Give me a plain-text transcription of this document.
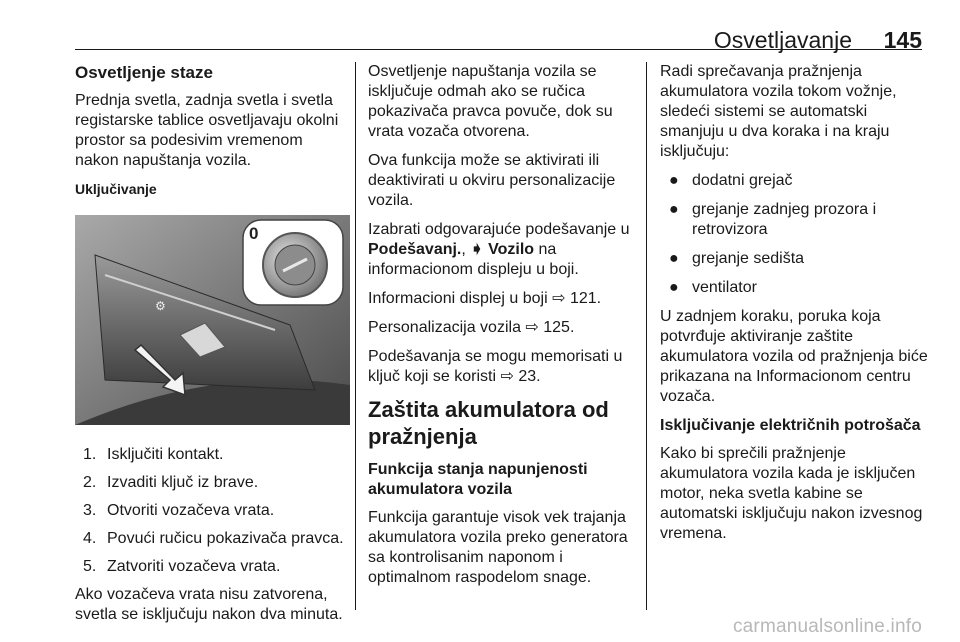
Osvetljavanje 145
Osvetljenje staze

Prednja svetla, zadnja svetla i svetla registarske tablice osvetljavaju okolni prostor sa podesivim vremenom nakon napuštanja vozila.

Uključivanje
⚙
0
1. Isključiti kontakt.
2. Izvaditi ključ iz brave.
3. Otvoriti vozačeva vrata.
4. Povući ručicu pokazivača pravca.
5. Zatvoriti vozačeva vrata.

Ako vozačeva vrata nisu zatvorena, svetla se isključuju nakon dva minuta.

Osvetljenje napuštanja vozila se isključuje odmah ako se ručica pokazivača pravca povuče, dok su vrata vozača otvorena.

Ova funkcija može se aktivirati ili deaktivirati u okviru personalizacije vozila.

Izabrati odgovarajuće podešavanje u Podešavanj., ➧ Vozilo na informacionom displeju u boji.

Informacioni displej u boji ⇨ 121.

Personalizacija vozila ⇨ 125.

Podešavanja se mogu memorisati u ključ koji se koristi ⇨ 23.

Zaštita akumulatora od pražnjenja
Funkcija stanja napunjenosti akumulatora vozila

Funkcija garantuje visok vek trajanja akumulatora vozila preko generatora sa kontrolisanim naponom i optimalnom raspodelom snage.

Radi sprečavanja pražnjenja akumulatora vozila tokom vožnje, sledeći sistemi se automatski smanjuju u dva koraka i na kraju isključuju:

● dodatni grejač
● grejanje zadnjeg prozora i retrovizora
● grejanje sedišta
● ventilator

U zadnjem koraku, poruka koja potvrđuje aktiviranje zaštite akumulatora vozila od pražnjenja biće prikazana na Informacionom centru vozača.

Isključivanje električnih potrošača

Kako bi sprečili pražnjenje akumulatora vozila kada je isključen motor, neka svetla kabine se automatski isključuju nakon izvesnog vremena.

carmanualsonline.info
